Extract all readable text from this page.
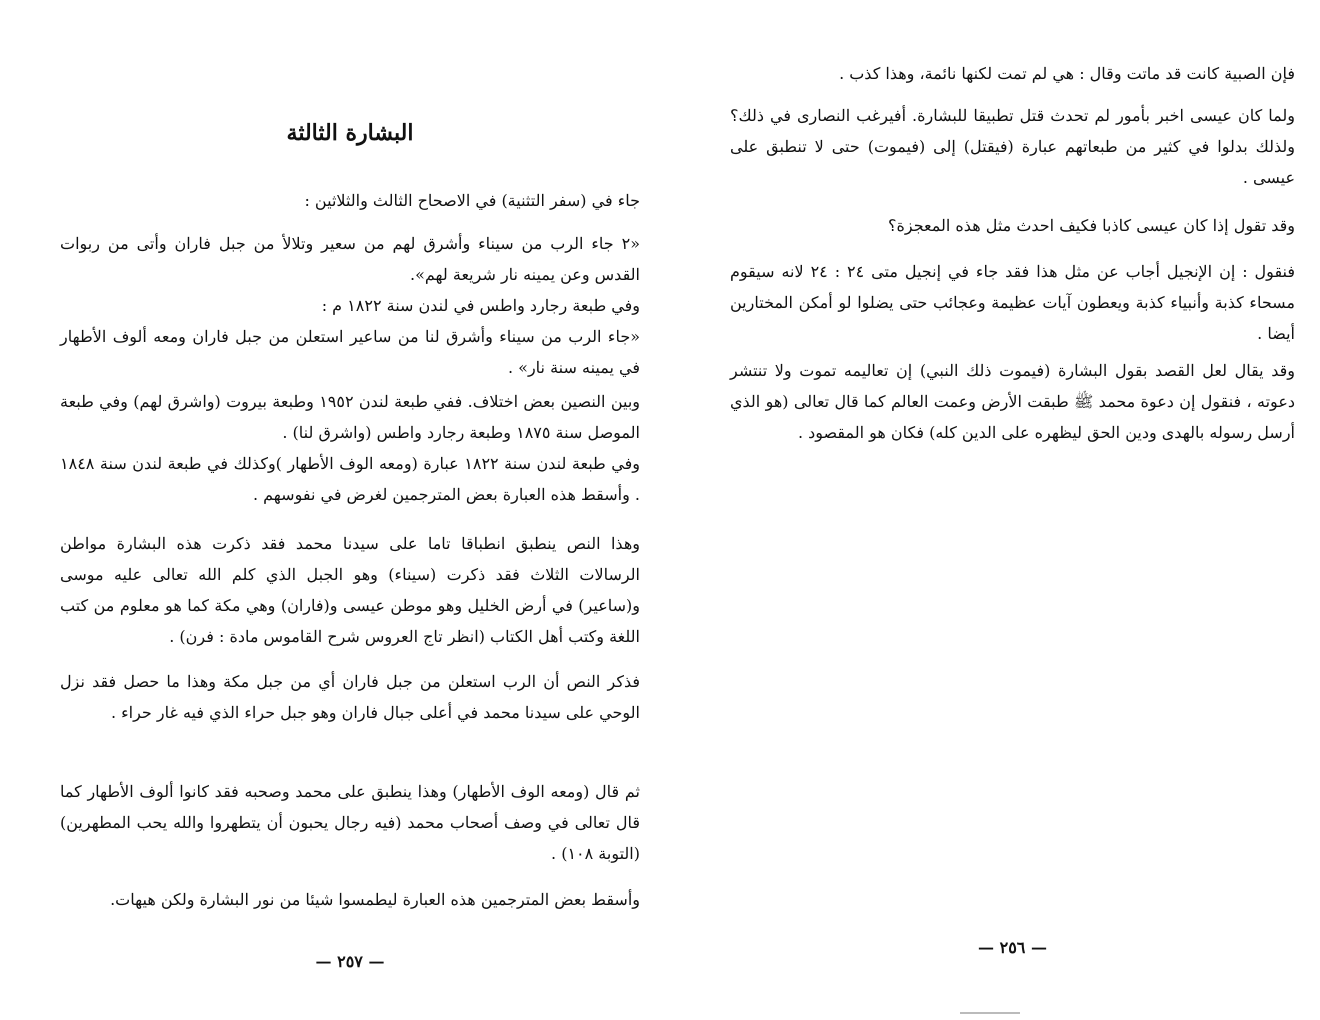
البشارة الثالثة

جاء في (سفر التثنية) في الاصحاح الثالث والثلاثين :

«٢ جاء الرب من سيناء وأشرق لهم من سعير وتلالأ من جبل فاران وأتى من ربوات القدس وعن يمينه نار شريعة لهم».

وفي طبعة رجارد واطس في لندن سنة ١٨٢٢ م :

«جاء الرب من سيناء وأشرق لنا من ساعير استعلن من جبل فاران ومعه ألوف الأطهار في يمينه سنة نار» .

وبين النصين بعض اختلاف. ففي طبعة لندن ١٩٥٢ وطبعة بيروت (واشرق لهم) وفي طبعة الموصل سنة ١٨٧٥ وطبعة رجارد واطس (واشرق لنا) .

وفي طبعة لندن سنة ١٨٢٢ عبارة (ومعه الوف الأطهار )وكذلك في طبعة لندن سنة ١٨٤٨ . وأسقط هذه العبارة بعض المترجمين لغرض في نفوسهم .

وهذا النص ينطبق انطباقا تاما على سيدنا محمد فقد ذكرت هذه البشارة مواطن الرسالات الثلاث فقد ذكرت (سيناء) وهو الجبل الذي كلم الله تعالى عليه موسى و(ساعير) في أرض الخليل وهو موطن عيسى و(فاران) وهي مكة كما هو معلوم من كتب اللغة وكتب أهل الكتاب (انظر تاج العروس شرح القاموس مادة : فرن) .

فذكر النص أن الرب استعلن من جبل فاران أي من جبل مكة وهذا ما حصل فقد نزل الوحي على سيدنا محمد في أعلى جبال فاران وهو جبل حراء الذي فيه غار حراء .

ثم قال (ومعه الوف الأطهار) وهذا ينطبق على محمد وصحبه فقد كانوا ألوف الأطهار كما قال تعالى في وصف أصحاب محمد (فيه رجال يحبون أن يتطهروا والله يحب المطهرين) (التوبة ١٠٨) .

وأسقط بعض المترجمين هذه العبارة ليطمسوا شيئا من نور البشارة ولكن هيهات.

— ٢٥٧ —

فإن الصبية كانت قد ماتت وقال : هي لم تمت لكنها نائمة، وهذا كذب .

ولما كان عيسى اخبر بأمور لم تحدث قتل تطبيقا للبشارة. أفيرغب النصارى في ذلك؟ ولذلك بدلوا في كثير من طبعاتهم عبارة (فيقتل) إلى (فيموت) حتى لا تنطبق على عيسى .

وقد تقول إذا كان عيسى كاذبا فكيف احدث مثل هذه المعجزة؟

فنقول : إن الإنجيل أجاب عن مثل هذا فقد جاء في إنجيل متى ٢٤ : ٢٤ لانه سيقوم مسحاء كذبة وأنبياء كذبة ويعطون آيات عظيمة وعجائب حتى يضلوا لو أمكن المختارين أيضا .

وقد يقال لعل القصد بقول البشارة (فيموت ذلك النبي) إن تعاليمه تموت ولا تنتشر دعوته ، فنقول إن دعوة محمد ﷺ طبقت الأرض وعمت العالم كما قال تعالى (هو الذي أرسل رسوله بالهدى ودين الحق ليظهره على الدين كله) فكان هو المقصود .

— ٢٥٦ —
